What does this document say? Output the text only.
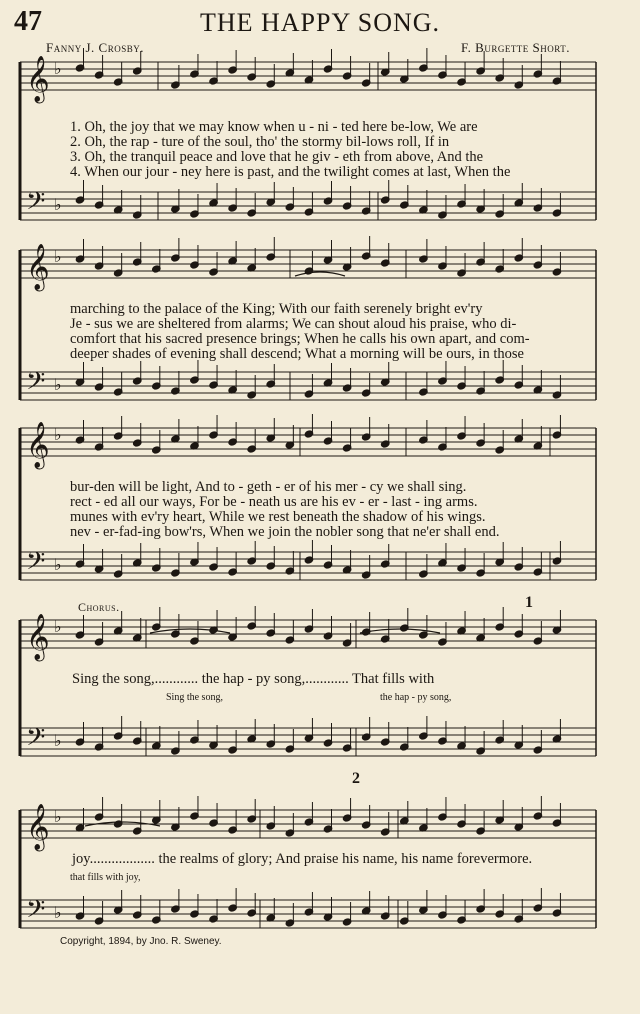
47	THE HAPPY SONG.
Fanny J. Crosby.	F. Burgette Short.
𝄞 ♭
𝄢 ♭
𝄞 ♭
𝄢 ♭
𝄞 ♭
𝄢 ♭
𝄞 ♭
𝄢 ♭
𝄞 ♭
𝄢 ♭
1. Oh, the joy that we may know when u - ni - ted here be-low, We are
2. Oh, the rap - ture of the soul, tho' the stormy bil-lows roll, If in
3. Oh, the tranquil peace and love that he giv - eth from above, And the
4. When our jour - ney here is past, and the twilight comes at last, When the
marching to the palace of the King; With our faith serenely bright ev'ry
Je - sus we are sheltered from alarms; We can shout aloud his praise, who di-
comfort that his sacred presence brings; When he calls his own apart, and com-
deeper shades of evening shall descend; What a morning will be ours, in those
bur-den will be light, And to - geth - er of his mer - cy we shall sing.
rect - ed all our ways, For be - neath us are his ev - er - last - ing arms.
munes with ev'ry heart, While we rest beneath the shadow of his wings.
nev - er-fad-ing bow'rs, When we join the nobler song that ne'er shall end.
Chorus.	1
Sing the song,............ the hap - py song,............ That fills with
Sing the song,	the hap - py song,
2
joy.................. the realms of glory; And praise his name, his name forevermore.
that fills with joy,
Copyright, 1894, by Jno. R. Sweney.
